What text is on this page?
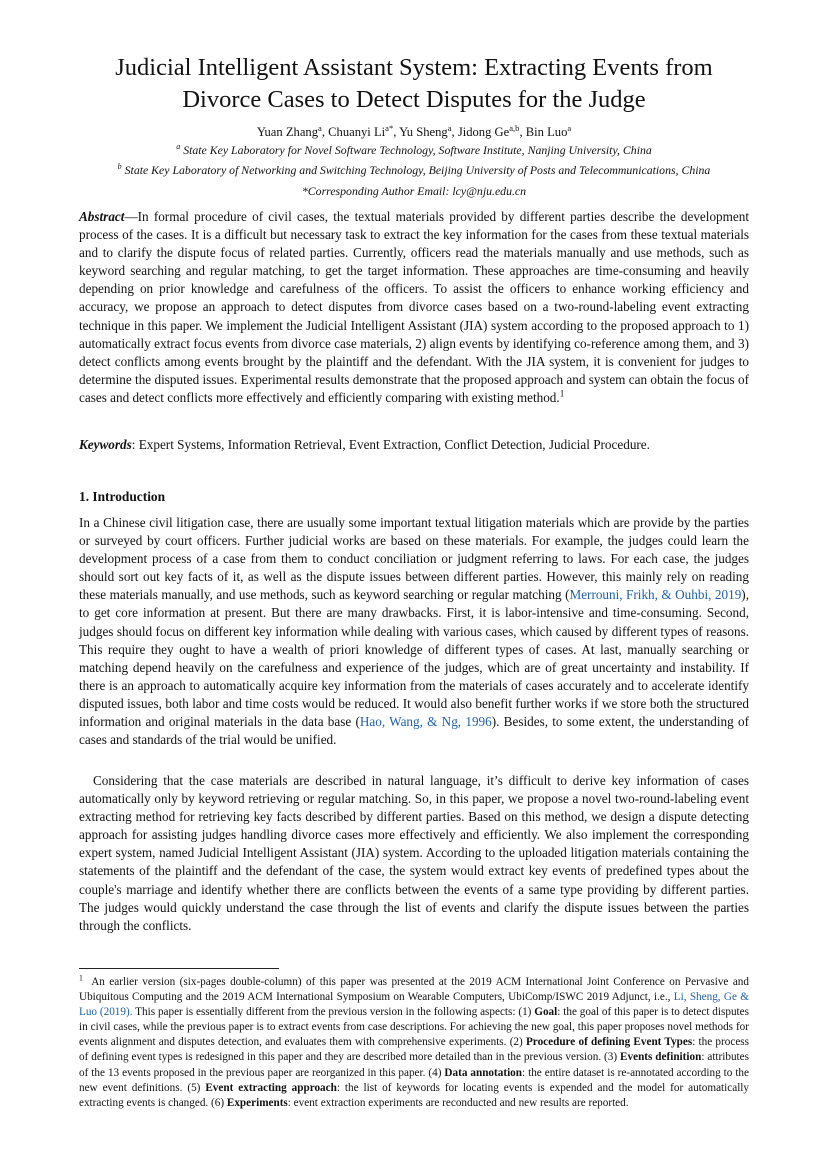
Judicial Intelligent Assistant System: Extracting Events from
Divorce Cases to Detect Disputes for the Judge
Yuan Zhang$^a$, Chuanyi $Li^{a*}$, Yu Sheng$^a$, Jidong Ge$^{a,b}$, Bin Luo$^a$
$^a$ State Key Laboratory for Novel Software Technology, Software Institute, Nanjing University, China
$^b$ State Key Laboratory of Networking and Switching Technology, Beijing University of Posts and Telecommunications, China
*Corresponding Author Email: lcy@nju.edu.cn

Abstract—In formal procedure of civil cases, the textual materials provided by different parties describe the development process of the cases. It is a difficult but necessary task to extract the key information for the cases from these textual materials and to clarify the dispute focus of related parties. Currently, officers read the materials manually and use methods, such as keyword searching and regular matching, to get the target information. These approaches are time-consuming and heavily depending on prior knowledge and carefulness of the officers. To assist the officers to enhance working efficiency and accuracy, we propose an approach to detect disputes from divorce cases based on a two-round-labeling event extracting technique in this paper. We implement the Judicial Intelligent Assistant (JIA) system according to the proposed approach to 1) automatically extract focus events from divorce case materials, 2) align events by identifying co-reference among them, and 3) detect conflicts among events brought by the plaintiff and the defendant. With the JIA system, it is convenient for judges to determine the disputed issues. Experimental results demonstrate that the proposed approach and system can obtain the focus of cases and detect conflicts more effectively and efficiently comparing with existing method.$^1$

Keywords: Expert Systems, Information Retrieval, Event Extraction, Conflict Detection, Judicial Procedure.

1. Introduction

In a Chinese civil litigation case, there are usually some important textual litigation materials which are provide by the parties or surveyed by court officers. Further judicial works are based on these materials. For example, the judges could learn the development process of a case from them to conduct conciliation or judgment referring to laws. For each case, the judges should sort out key facts of it, as well as the dispute issues between different parties. However, this mainly rely on reading these materials manually, and use methods, such as keyword searching or regular matching (Merrouni, Frikh, & Ouhbi, 2019), to get core information at present. But there are many drawbacks. First, it is labor-intensive and time-consuming. Second, judges should focus on different key information while dealing with various cases, which caused by different types of reasons. This require they ought to have a wealth of priori knowledge of different types of cases. At last, manually searching or matching depend heavily on the carefulness and experience of the judges, which are of great uncertainty and instability. If there is an approach to automatically acquire key information from the materials of cases accurately and to accelerate identify disputed issues, both labor and time costs would be reduced. It would also benefit further works if we store both the structured information and original materials in the data base (Hao, Wang, & Ng, 1996). Besides, to some extent, the understanding of cases and standards of the trial would be unified.

Considering that the case materials are described in natural language, it’s difficult to derive key information of cases automatically only by keyword retrieving or regular matching. So, in this paper, we propose a novel two-round-labeling event extracting method for retrieving key facts described by different parties. Based on this method, we design a dispute detecting approach for assisting judges handling divorce cases more effectively and efficiently. We also implement the corresponding expert system, named Judicial Intelligent Assistant (JIA) system. According to the uploaded litigation materials containing the statements of the plaintiff and the defendant of the case, the system would extract key events of predefined types about the couple's marriage and identify whether there are conflicts between the events of a same type providing by different parties. The judges would quickly understand the case through the list of events and clarify the dispute issues between the parties through the conflicts.

$^1$ An earlier version (six-pages double-column) of this paper was presented at the 2019 ACM International Joint Conference on Pervasive and Ubiquitous Computing and the 2019 ACM International Symposium on Wearable Computers, UbiComp/ISWC 2019 Adjunct, i.e., Li, Sheng, Ge & Luo (2019). This paper is essentially different from the previous version in the following aspects: (1) Goal: the goal of this paper is to detect disputes in civil cases, while the previous paper is to extract events from case descriptions. For achieving the new goal, this paper proposes novel methods for events alignment and disputes detection, and evaluates them with comprehensive experiments. (2) Procedure of defining Event Types: the process of defining event types is redesigned in this paper and they are described more detailed than in the previous version. (3) Events definition: attributes of the 13 events proposed in the previous paper are reorganized in this paper. (4) Data annotation: the entire dataset is re-annotated according to the new event definitions. (5) Event extracting approach: the list of keywords for locating events is expended and the model for automatically extracting events is changed. (6) Experiments: event extraction experiments are reconducted and new results are reported.
